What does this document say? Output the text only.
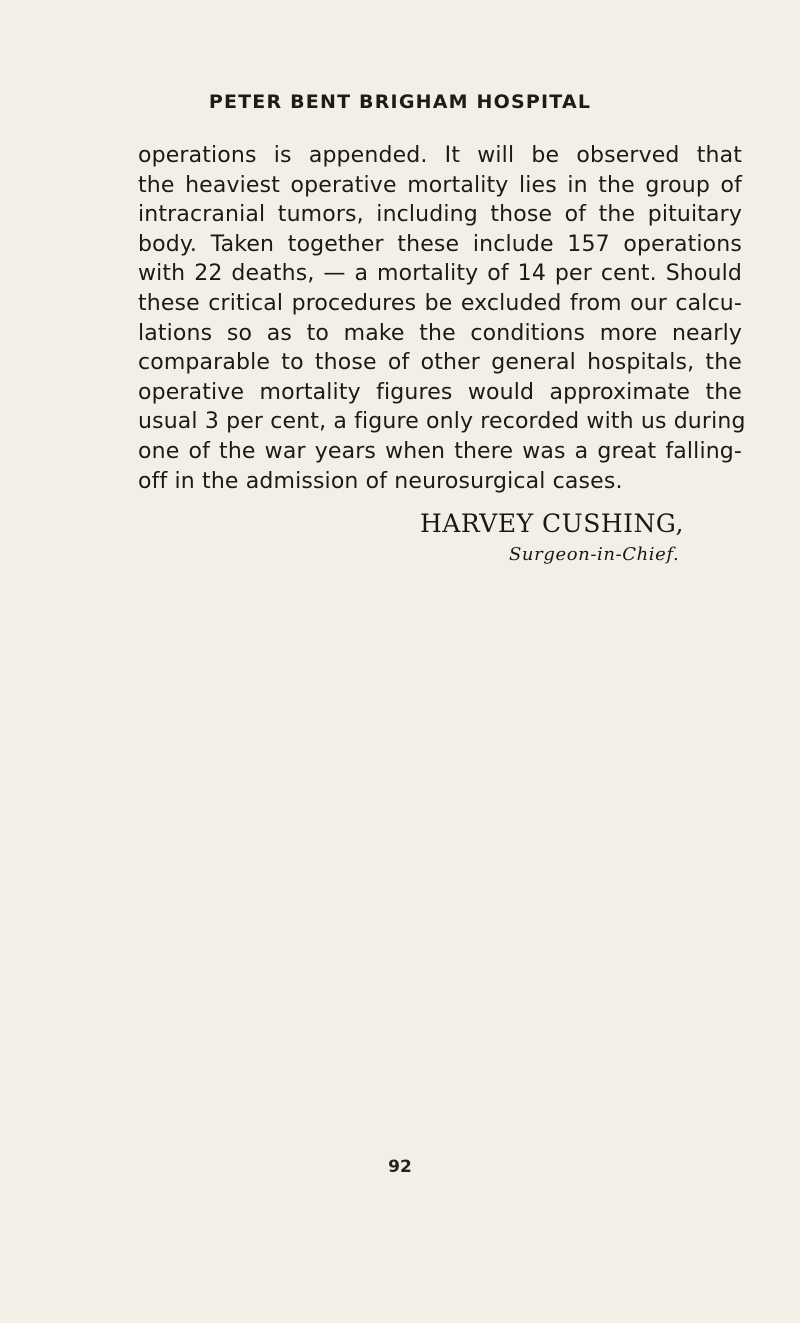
PETER BENT BRIGHAM HOSPITAL
operations is appended. It will be observed that
the heaviest operative mortality lies in the group of
intracranial tumors, including those of the pituitary
body. Taken together these include 157 operations
with 22 deaths, — a mortality of 14 per cent. Should
these critical procedures be excluded from our calcu-
lations so as to make the conditions more nearly
comparable to those of other general hospitals, the
operative mortality figures would approximate the
usual 3 per cent, a figure only recorded with us during
one of the war years when there was a great falling-
off in the admission of neurosurgical cases.
HARVEY CUSHING,
Surgeon-in-Chief.
92
